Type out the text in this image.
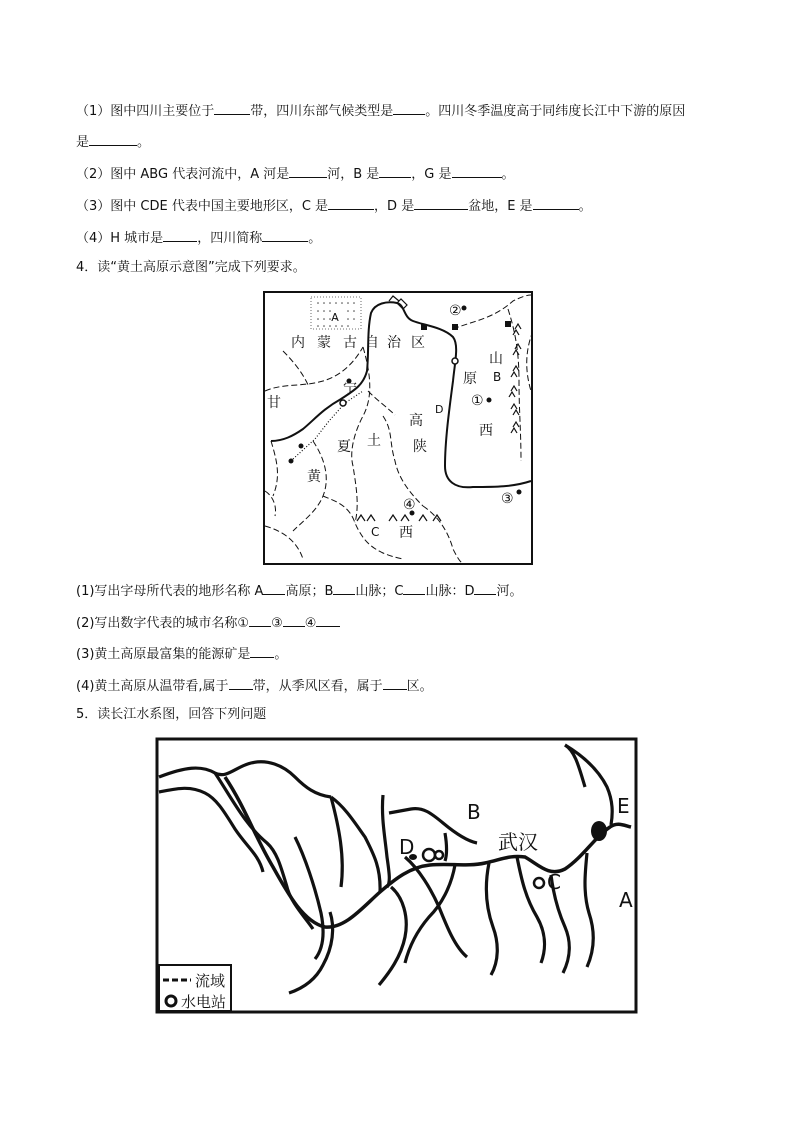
（1）图中四川主要位于	带，四川东部气候类型是 。四川冬季温度高于同纬度长江中下游的原因
是	。
（2）图中 ABG 代表河流中，A 河是	河，B 是 ，G 是	。
（3）图中 CDE 代表中国主要地形区，C 是	，D 是	盆地，E 是	。
（4）H 城市是	，四川简称	。
4．读“黄土高原示意图”完成下列要求。
A
内 蒙 古 自 治 区
②
山
B
原
D
①
西
甘
宁
高
土 陕
夏
黄
③
④
C 西
(1)写出字母所代表的地形名称 A 高原；B 山脉；C 山脉：D 河。
(2)写出数字代表的城市名称① ③ ④
(3)黄土高原最富集的能源矿是 。
(4)黄土高原从温带看,属于 带，从季风区看，属于 区。
5．读长江水系图，回答下列问题
B
D	武汉
C
E
A
流域
水电站
